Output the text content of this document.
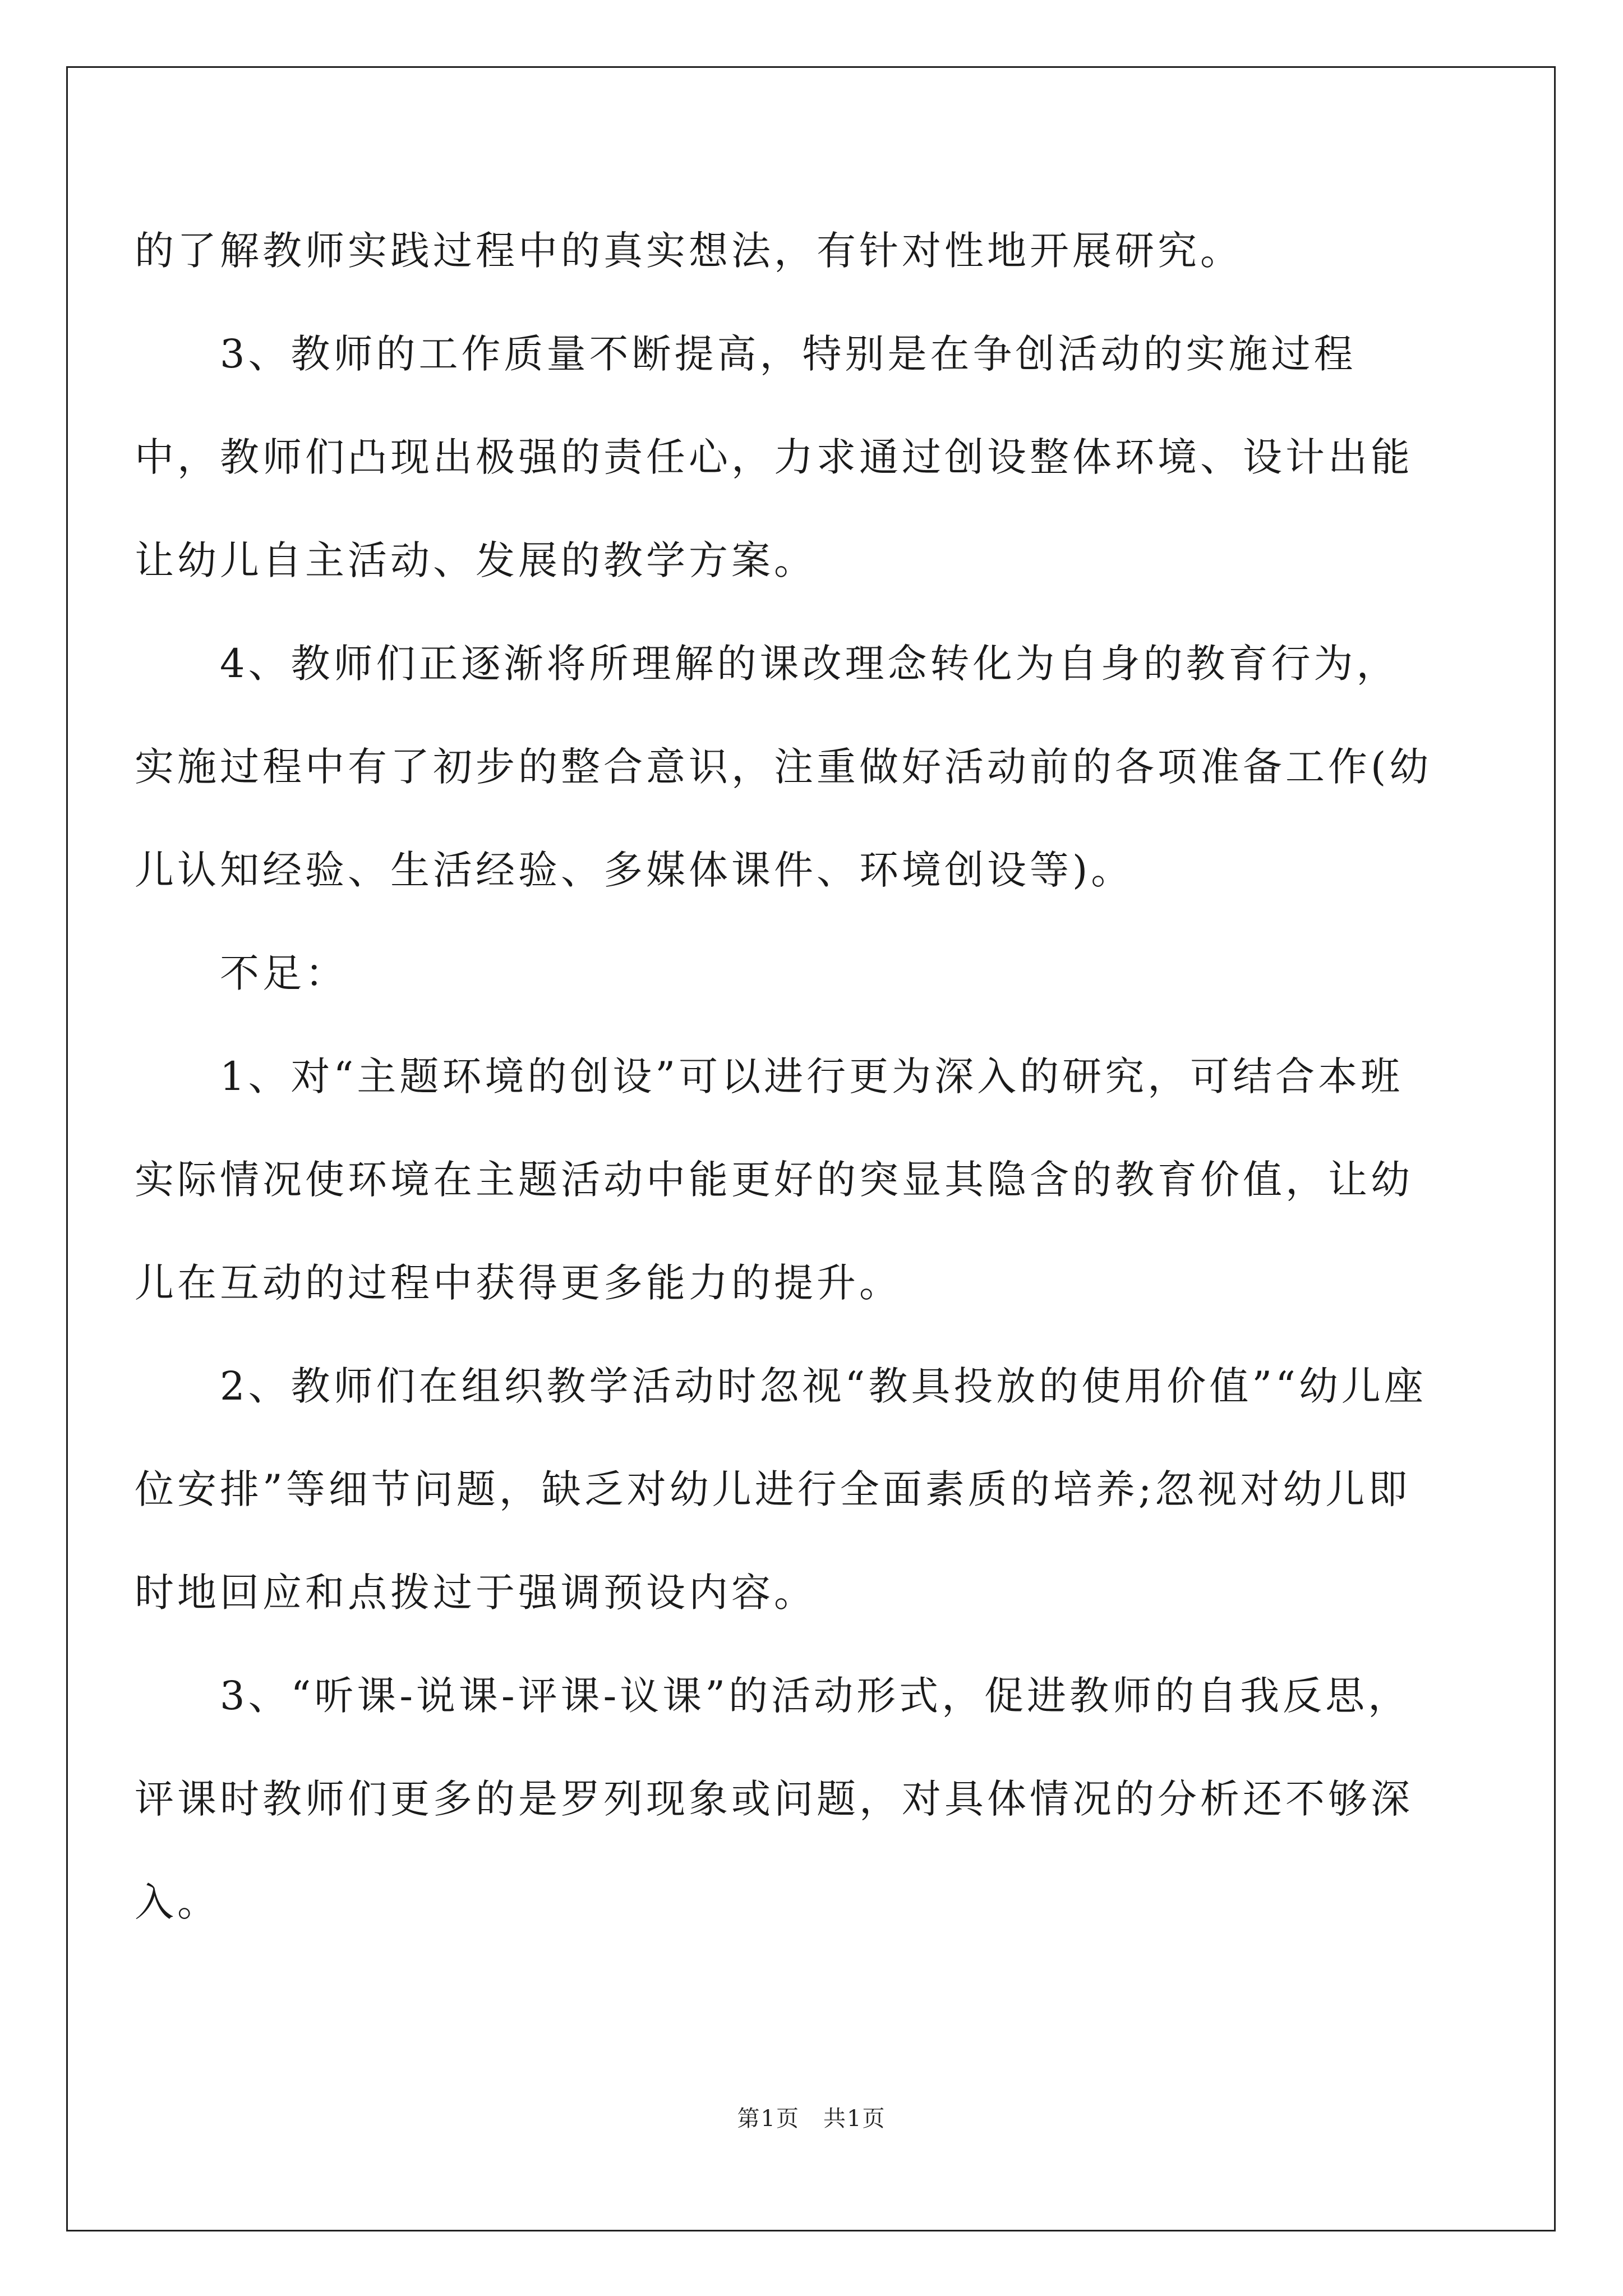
的了解教师实践过程中的真实想法，有针对性地开展研究。

　　3、教师的工作质量不断提高，特别是在争创活动的实施过程中，教师们凸现出极强的责任心，力求通过创设整体环境、设计出能让幼儿自主活动、发展的教学方案。

　　4、教师们正逐渐将所理解的课改理念转化为自身的教育行为，实施过程中有了初步的整合意识，注重做好活动前的各项准备工作(幼儿认知经验、生活经验、多媒体课件、环境创设等)。

　　不足：

　　1、对“主题环境的创设”可以进行更为深入的研究，可结合本班实际情况使环境在主题活动中能更好的突显其隐含的教育价值，让幼儿在互动的过程中获得更多能力的提升。

　　2、教师们在组织教学活动时忽视“教具投放的使用价值”“幼儿座位安排”等细节问题，缺乏对幼儿进行全面素质的培养;忽视对幼儿即时地回应和点拨过于强调预设内容。

　　3、“听课-说课-评课-议课”的活动形式，促进教师的自我反思，评课时教师们更多的是罗列现象或问题，对具体情况的分析还不够深入。

第1页　共1页
